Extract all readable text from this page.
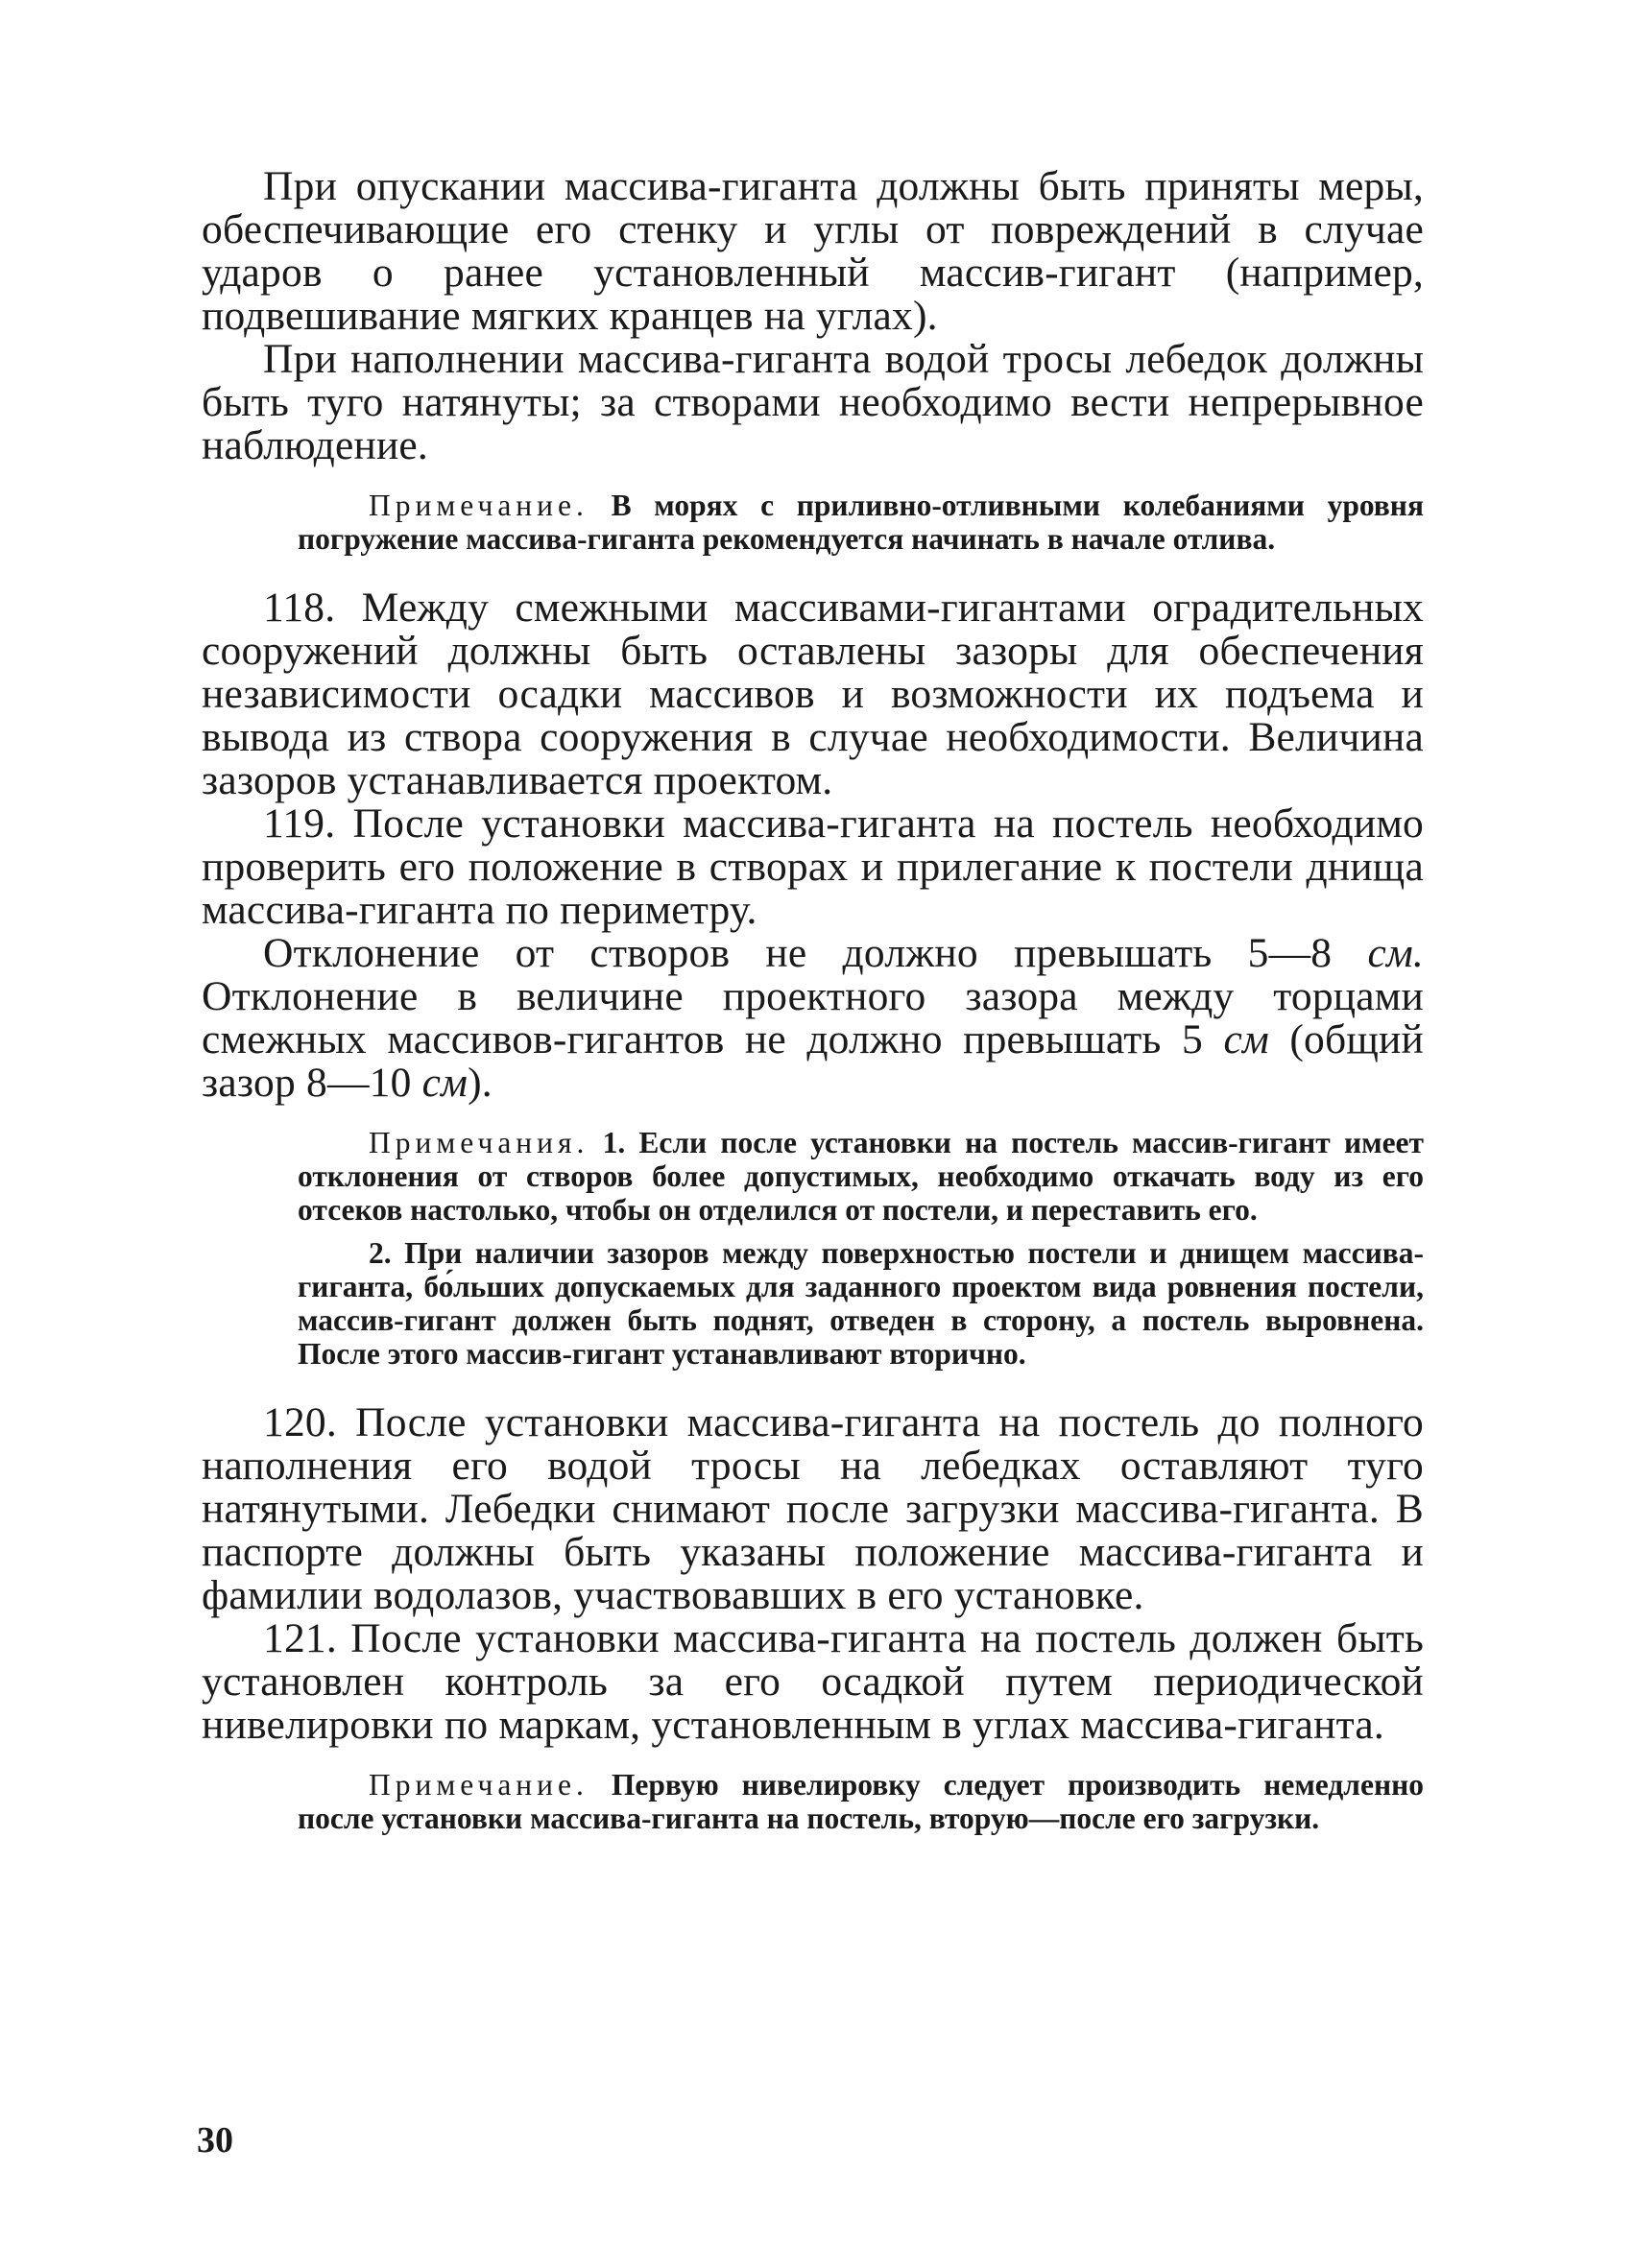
При опускании массива-гиганта должны быть приняты меры, обеспечивающие его стенку и углы от повреждений в случае ударов о ранее установленный массив-гигант (например, подвешивание мягких кранцев на углах).

При наполнении массива-гиганта водой тросы лебедок должны быть туго натянуты; за створами необходимо вести непрерывное наблюдение.

Примечание. В морях с приливно-отливными колебаниями уровня погружение массива-гиганта рекомендуется начинать в начале отлива.

118. Между смежными массивами-гигантами оградительных сооружений должны быть оставлены зазоры для обеспечения независимости осадки массивов и возможности их подъема и вывода из створа сооружения в случае необходимости. Величина зазоров устанавливается проектом.

119. После установки массива-гиганта на постель необходимо проверить его положение в створах и прилегание к постели днища массива-гиганта по периметру.

Отклонение от створов не должно превышать 5—8 см. Отклонение в величине проектного зазора между торцами смежных массивов-гигантов не должно превышать 5 см (общий зазор 8—10 см).

Примечания. 1. Если после установки на постель массив-гигант имеет отклонения от створов более допустимых, необходимо откачать воду из его отсеков настолько, чтобы он отделился от постели, и переставить его.

2. При наличии зазоров между поверхностью постели и днищем массива-гиганта, бо́льших допускаемых для заданного проектом вида ровнения постели, массив-гигант должен быть поднят, отведен в сторону, а постель выровнена. После этого массив-гигант устанавливают вторично.

120. После установки массива-гиганта на постель до полного наполнения его водой тросы на лебедках оставляют туго натянутыми. Лебедки снимают после загрузки массива-гиганта. В паспорте должны быть указаны положение массива-гиганта и фамилии водолазов, участвовавших в его установке.

121. После установки массива-гиганта на постель должен быть установлен контроль за его осадкой путем периодической нивелировки по маркам, установленным в углах массива-гиганта.

Примечание. Первую нивелировку следует производить немедленно после установки массива-гиганта на постель, вторую—после его загрузки.

30
